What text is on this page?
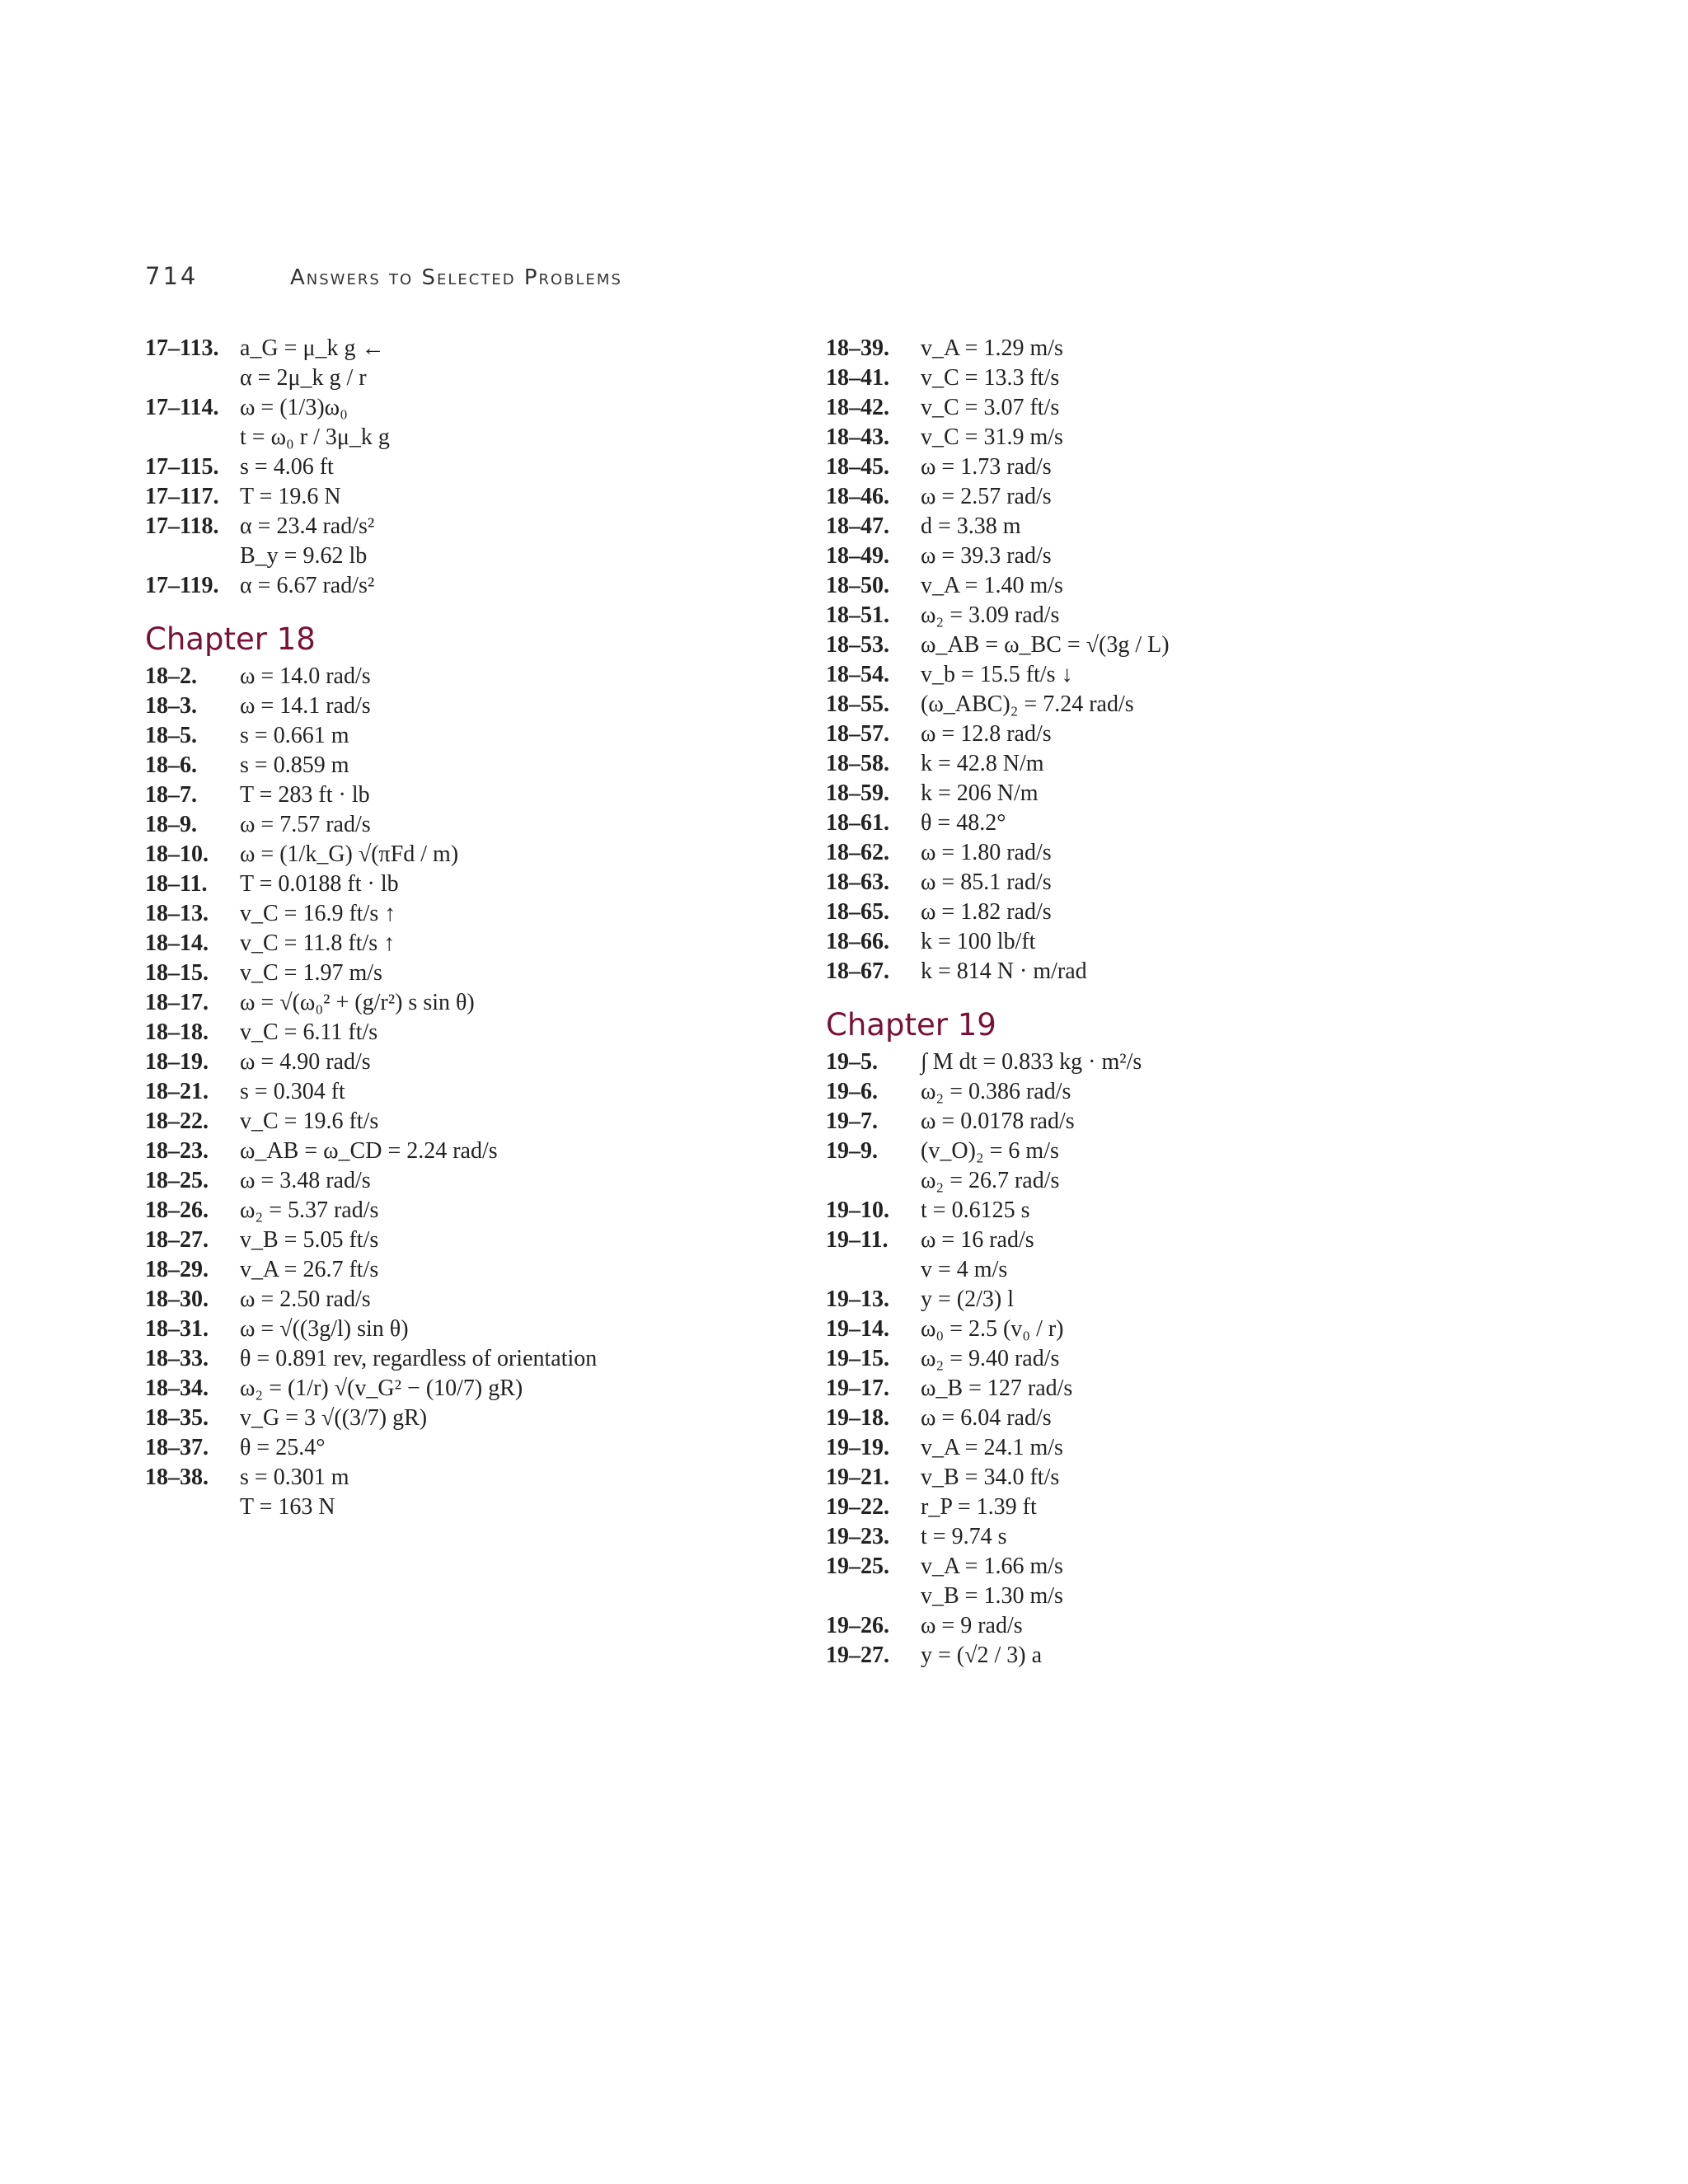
714	Answers to Selected Problems
17–113. a_G = μ_k g ←
α = 2μ_k g / r
17–114. ω = (1/3)ω₀
t = ω₀ r / 3μ_k g
17–115. s = 4.06 ft
17–117. T = 19.6 N
17–118. α = 23.4 rad/s²
B_y = 9.62 lb
17–119. α = 6.67 rad/s²
Chapter 18
18–2. ω = 14.0 rad/s
18–3. ω = 14.1 rad/s
18–5. s = 0.661 m
18–6. s = 0.859 m
18–7. T = 283 ft · lb
18–9. ω = 7.57 rad/s
18–10. ω = (1/k_G) √(πFd / m)
18–11. T = 0.0188 ft · lb
18–13. v_C = 16.9 ft/s ↑
18–14. v_C = 11.8 ft/s ↑
18–15. v_C = 1.97 m/s
18–17. ω = √(ω₀² + (g/r²) s sin θ)
18–18. v_C = 6.11 ft/s
18–19. ω = 4.90 rad/s
18–21. s = 0.304 ft
18–22. v_C = 19.6 ft/s
18–23. ω_AB = ω_CD = 2.24 rad/s
18–25. ω = 3.48 rad/s
18–26. ω₂ = 5.37 rad/s
18–27. v_B = 5.05 ft/s
18–29. v_A = 26.7 ft/s
18–30. ω = 2.50 rad/s
18–31. ω = √((3g/l) sin θ)
18–33. θ = 0.891 rev, regardless of orientation
18–34. ω₂ = (1/r) √(v_G² − (10/7) gR)
18–35. v_G = 3 √((3/7) gR)
18–37. θ = 25.4°
18–38. s = 0.301 m
T = 163 N
18–39. v_A = 1.29 m/s
18–41. v_C = 13.3 ft/s
18–42. v_C = 3.07 ft/s
18–43. v_C = 31.9 m/s
18–45. ω = 1.73 rad/s
18–46. ω = 2.57 rad/s
18–47. d = 3.38 m
18–49. ω = 39.3 rad/s
18–50. v_A = 1.40 m/s
18–51. ω₂ = 3.09 rad/s
18–53. ω_AB = ω_BC = √(3g / L)
18–54. v_b = 15.5 ft/s ↓
18–55. (ω_ABC)₂ = 7.24 rad/s
18–57. ω = 12.8 rad/s
18–58. k = 42.8 N/m
18–59. k = 206 N/m
18–61. θ = 48.2°
18–62. ω = 1.80 rad/s
18–63. ω = 85.1 rad/s
18–65. ω = 1.82 rad/s
18–66. k = 100 lb/ft
18–67. k = 814 N · m/rad
Chapter 19
19–5. ∫ M dt = 0.833 kg · m²/s
19–6. ω₂ = 0.386 rad/s
19–7. ω = 0.0178 rad/s
19–9. (v_O)₂ = 6 m/s
ω₂ = 26.7 rad/s
19–10. t = 0.6125 s
19–11. ω = 16 rad/s
v = 4 m/s
19–13. y = (2/3) l
19–14. ω₀ = 2.5 (v₀ / r)
19–15. ω₂ = 9.40 rad/s
19–17. ω_B = 127 rad/s
19–18. ω = 6.04 rad/s
19–19. v_A = 24.1 m/s
19–21. v_B = 34.0 ft/s
19–22. r_P = 1.39 ft
19–23. t = 9.74 s
19–25. v_A = 1.66 m/s
v_B = 1.30 m/s
19–26. ω = 9 rad/s
19–27. y = (√2 / 3) a
